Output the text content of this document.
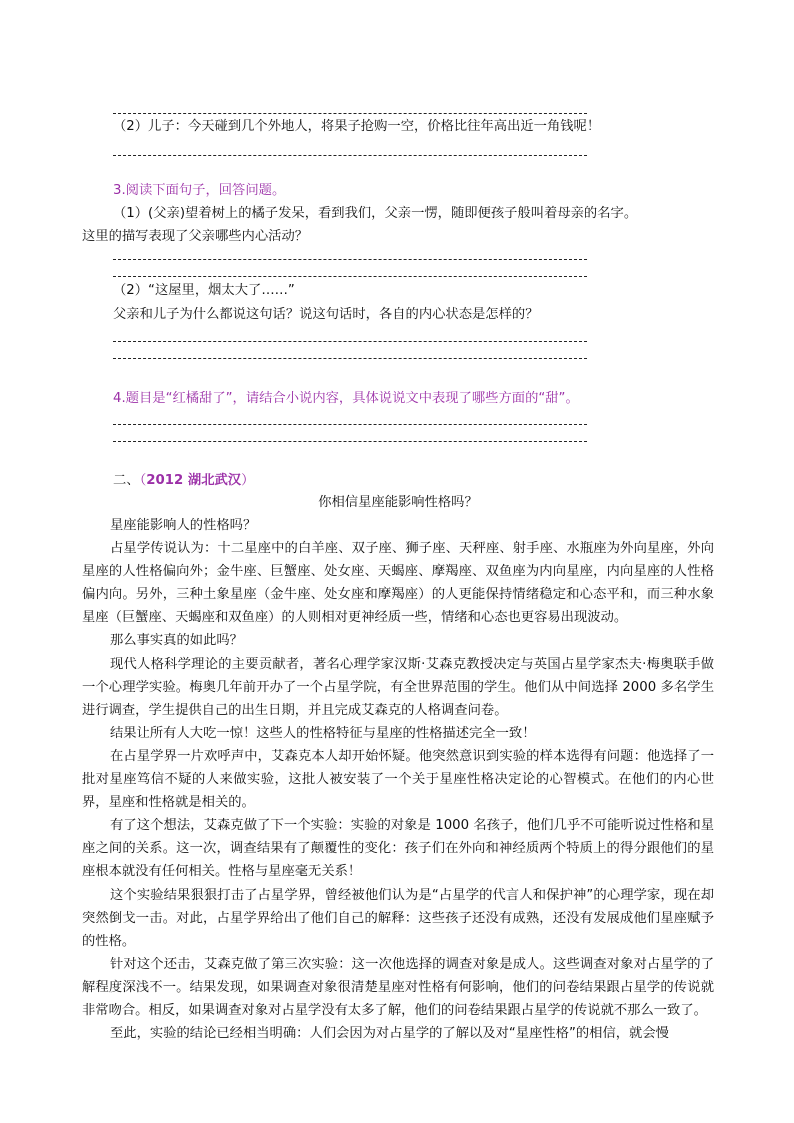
（2）儿子：今天碰到几个外地人，将果子抢购一空，价格比往年高出近一角钱呢！
3.阅读下面句子，回答问题。
（1）(父亲)望着树上的橘子发呆，看到我们，父亲一愣，随即便孩子般叫着母亲的名字。
这里的描写表现了父亲哪些内心活动？
（2）“这屋里，烟太大了……”
父亲和儿子为什么都说这句话？说这句话时，各自的内心状态是怎样的？
4.题目是“红橘甜了”，请结合小说内容，具体说说文中表现了哪些方面的“甜”。
二、（2012 湖北武汉）
你相信星座能影响性格吗？
星座能影响人的性格吗？
占星学传说认为：十二星座中的白羊座、双子座、狮子座、天秤座、射手座、水瓶座为外向星座，外向星座的人性格偏向外；金牛座、巨蟹座、处女座、天蝎座、摩羯座、双鱼座为内向星座，内向星座的人性格偏内向。另外，三种土象星座（金牛座、处女座和摩羯座）的人更能保持情绪稳定和心态平和，而三种水象星座（巨蟹座、天蝎座和双鱼座）的人则相对更神经质一些，情绪和心态也更容易出现波动。
那么事实真的如此吗？
现代人格科学理论的主要贡献者，著名心理学家汉斯·艾森克教授决定与英国占星学家杰夫·梅奥联手做一个心理学实验。梅奥几年前开办了一个占星学院，有全世界范围的学生。他们从中间选择 2000 多名学生进行调查，学生提供自己的出生日期，并且完成艾森克的人格调查问卷。
结果让所有人大吃一惊！这些人的性格特征与星座的性格描述完全一致！
在占星学界一片欢呼声中，艾森克本人却开始怀疑。他突然意识到实验的样本选得有问题：他选择了一批对星座笃信不疑的人来做实验，这批人被安装了一个关于星座性格决定论的心智模式。在他们的内心世界，星座和性格就是相关的。
有了这个想法，艾森克做了下一个实验：实验的对象是 1000 名孩子，他们几乎不可能听说过性格和星座之间的关系。这一次，调查结果有了颠覆性的变化：孩子们在外向和神经质两个特质上的得分跟他们的星座根本就没有任何相关。性格与星座毫无关系！
这个实验结果狠狠打击了占星学界，曾经被他们认为是“占星学的代言人和保护神”的心理学家，现在却突然倒戈一击。对此，占星学界给出了他们自己的解释：这些孩子还没有成熟，还没有发展成他们星座赋予的性格。
针对这个还击，艾森克做了第三次实验：这一次他选择的调查对象是成人。这些调查对象对占星学的了解程度深浅不一。结果发现，如果调查对象很清楚星座对性格有何影响，他们的问卷结果跟占星学的传说就非常吻合。相反，如果调查对象对占星学没有太多了解，他们的问卷结果跟占星学的传说就不那么一致了。
至此，实验的结论已经相当明确：人们会因为对占星学的了解以及对“星座性格”的相信，就会慢
